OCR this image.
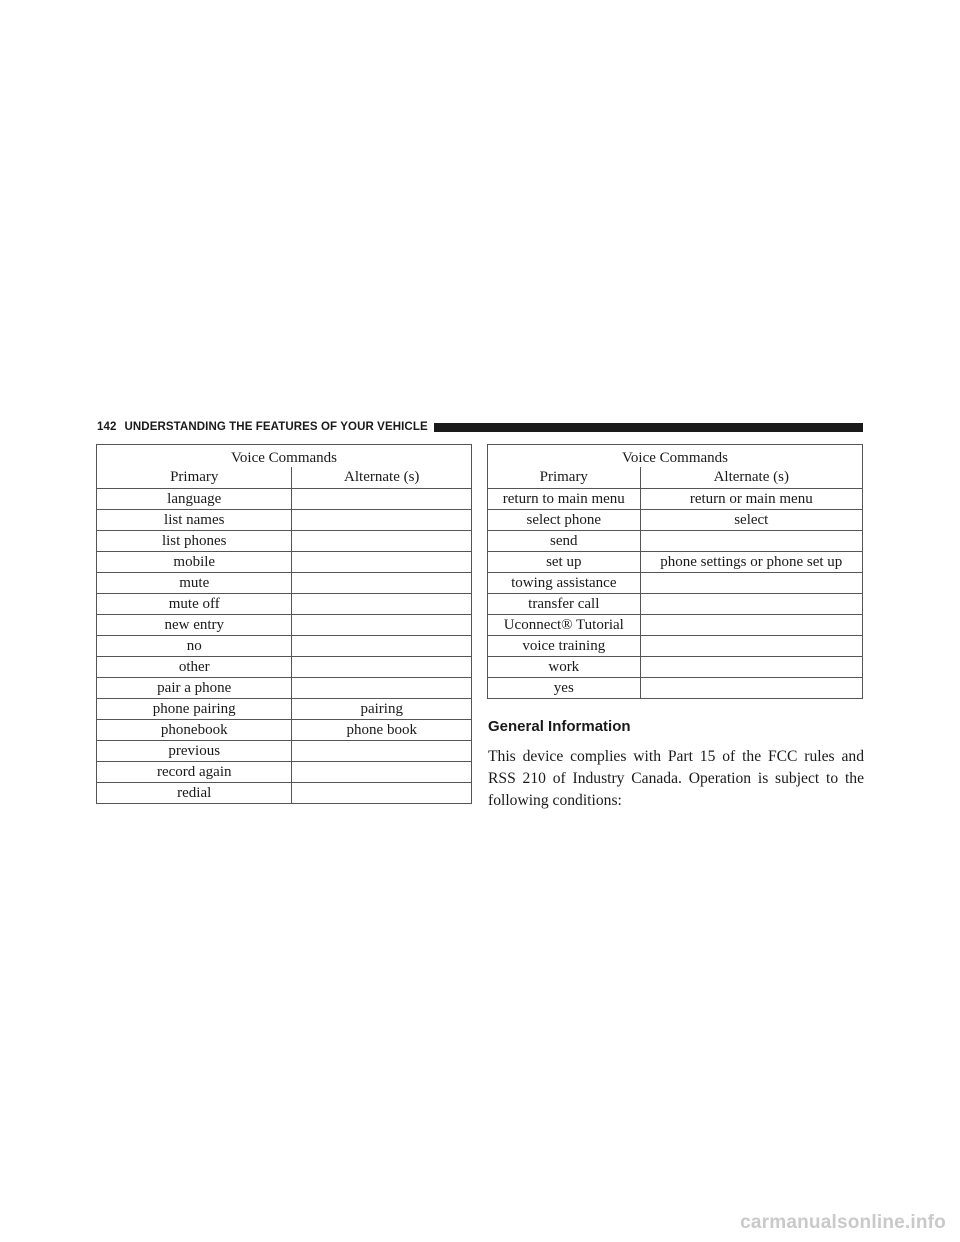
142 UNDERSTANDING THE FEATURES OF YOUR VEHICLE
Voice Commands	
Primary	Alternate (s)
language	
list names	
list phones	
mobile	
mute	
mute off	
new entry	
no	
other	
pair a phone	
phone pairing	pairing
phonebook	phone book
previous	
record again	
redial	
Voice Commands	
Primary	Alternate (s)
return to main menu	return or main menu
select phone	select
send	
set up	phone settings or phone set up
towing assistance	
transfer call	
Uconnect® Tutorial	
voice training	
work	
yes	
General Information
This device complies with Part 15 of the FCC rules and RSS 210 of Industry Canada. Operation is subject to the following conditions:
carmanualsonline.info
